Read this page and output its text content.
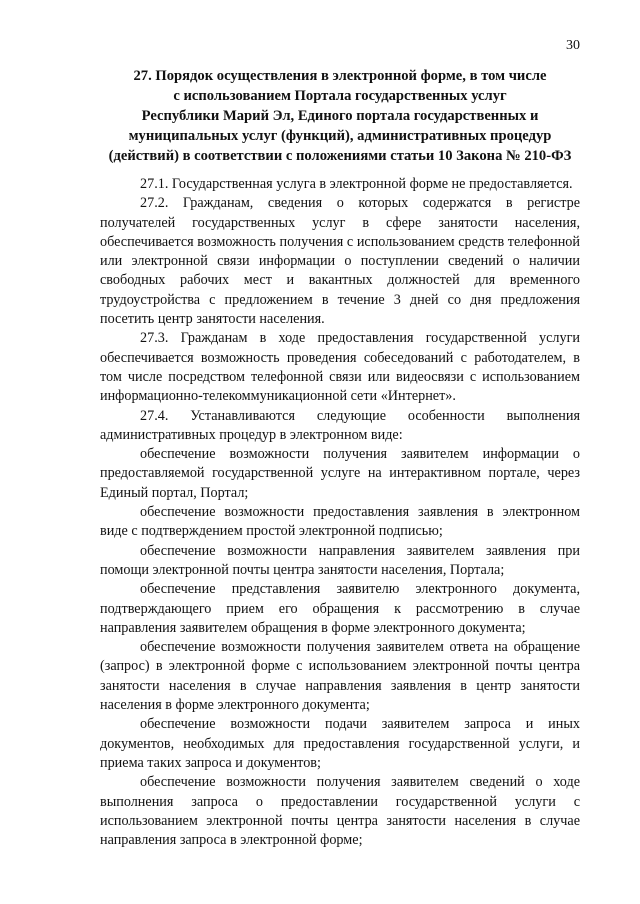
30
27. Порядок осуществления в электронной форме, в том числе
с использованием Портала государственных услуг
Республики Марий Эл, Единого портала государственных и
муниципальных услуг (функций), административных процедур
(действий) в соответствии с положениями статьи 10 Закона № 210-ФЗ

27.1. Государственная услуга в электронной форме не предоставляется.

27.2. Гражданам, сведения о которых содержатся в регистре получателей государственных услуг в сфере занятости населения, обеспечивается возможность получения с использованием средств телефонной или электронной связи информации о поступлении сведений о наличии свободных рабочих мест и вакантных должностей для временного трудоустройства с предложением в течение 3 дней со дня предложения посетить центр занятости населения.

27.3. Гражданам в ходе предоставления государственной услуги обеспечивается возможность проведения собеседований с работодателем, в том числе посредством телефонной связи или видеосвязи с использованием информационно-телекоммуникационной сети «Интернет».

27.4. Устанавливаются следующие особенности выполнения административных процедур в электронном виде:

обеспечение возможности получения заявителем информации о предоставляемой государственной услуге на интерактивном портале, через Единый портал, Портал;

обеспечение возможности предоставления заявления в электронном виде с подтверждением простой электронной подписью;

обеспечение возможности направления заявителем заявления при помощи электронной почты центра занятости населения, Портала;

обеспечение представления заявителю электронного документа, подтверждающего прием его обращения к рассмотрению в случае направления заявителем обращения в форме электронного документа;

обеспечение возможности получения заявителем ответа на обращение (запрос) в электронной форме с использованием электронной почты центра занятости населения в случае направления заявления в центр занятости населения в форме электронного документа;

обеспечение возможности подачи заявителем запроса и иных документов, необходимых для предоставления государственной услуги, и приема таких запроса и документов;

обеспечение возможности получения заявителем сведений о ходе выполнения запроса о предоставлении государственной услуги с использованием электронной почты центра занятости населения в случае направления запроса в электронной форме;
